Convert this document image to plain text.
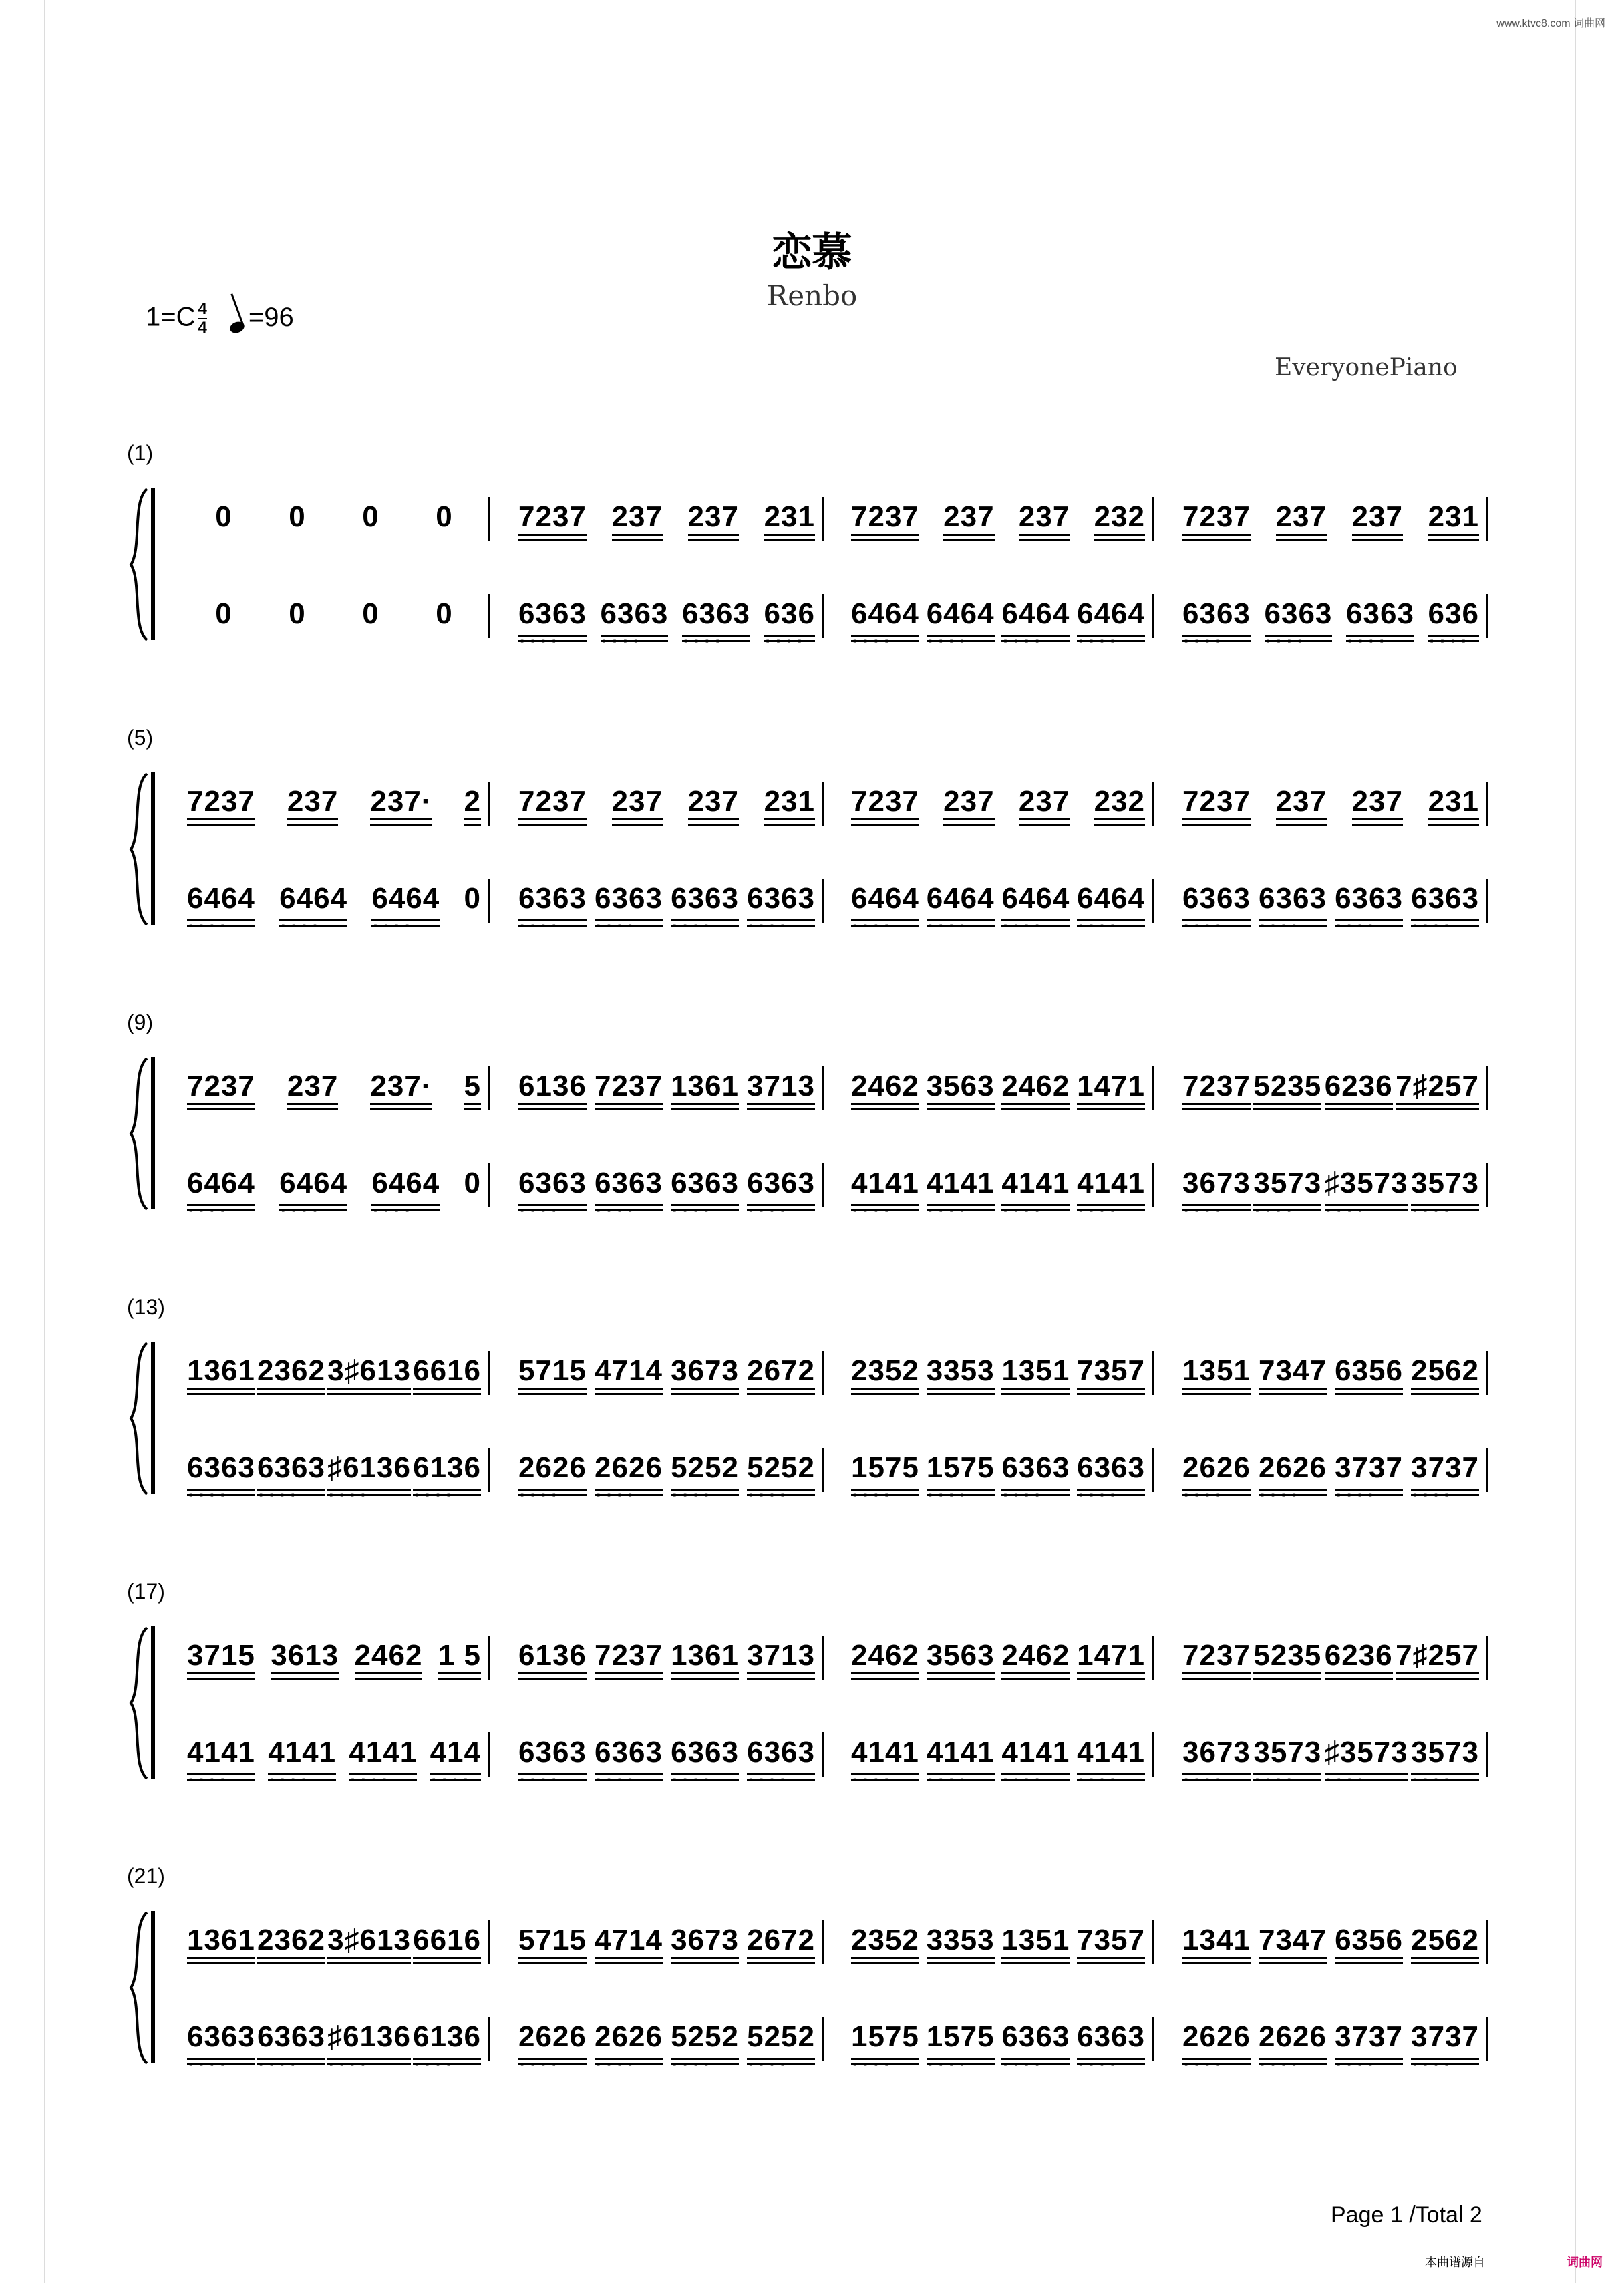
www.ktvc8.com 词曲网
恋慕
Renbo
$1=C \frac{4}{4} =96$
EveryonePiano
(1)
0 0 0 0 7237 237 237 231 7237 237 237 232 7237 237 237 231
0 0 0 0 · · · · 6363 · · · · 6363 · · · · 6363 · · · · 636 · · · · 6464 · · · · 6464 · · · · 6464 · · · · 6464 · · · · 6363 · · · · 6363 · · · · 6363 · · · · 636
(5)
7237 237 237· 2 7237 237 237 231 7237 237 237 232 7237 237 237 231
· · · · 6464 · · · · 6464 · · · · 6464 0 · · · · 6363 · · · · 6363 · · · · 6363 · · · · 6363 · · · · 6464 · · · · 6464 · · · · 6464 · · · · 6464 · · · · 6363 · · · · 6363 · · · · 6363 · · · · 6363
(9)
7237 237 237· 5 6136 7237 1361 3713 2462 3563 2462 1471 7237 5235 6236 7♯257
· · · · 6464 · · · · 6464 · · · · 6464 0 · · · · 6363 · · · · 6363 · · · · 6363 · · · · 6363 · · · · 4141 · · · · 4141 · · · · 4141 · · · · 4141 · · · · 3673 · · · · 3573 · · · · ♯3573 · · · · 3573
(13)
1361 2362 3♯613 6616 5715 4714 3673 2672 2352 3353 1351 7357 1351 7347 6356 2562
· · · · 6363 · · · · 6363 · · · · ♯6136 · · · · 6136 · · · · 2626 · · · · 2626 · · · · 5252 · · · · 5252 · · · · 1575 · · · · 1575 · · · · 6363 · · · · 6363 · · · · 2626 · · · · 2626 · · · · 3737 · · · · 3737
(17)
3715 3613 2462 1 5 6136 7237 1361 3713 2462 3563 2462 1471 7237 5235 6236 7♯257
· · · · 4141 · · · · 4141 · · · · 4141 · · · · 414 · · · · 6363 · · · · 6363 · · · · 6363 · · · · 6363 · · · · 4141 · · · · 4141 · · · · 4141 · · · · 4141 · · · · 3673 · · · · 3573 · · · · ♯3573 · · · · 3573
(21)
1361 2362 3♯613 6616 5715 4714 3673 2672 2352 3353 1351 7357 1341 7347 6356 2562
· · · · 6363 · · · · 6363 · · · · ♯6136 · · · · 6136 · · · · 2626 · · · · 2626 · · · · 5252 · · · · 5252 · · · · 1575 · · · · 1575 · · · · 6363 · · · · 6363 · · · · 2626 · · · · 2626 · · · · 3737 · · · · 3737
Page 1 /Total 2
本曲谱源自	词曲网
